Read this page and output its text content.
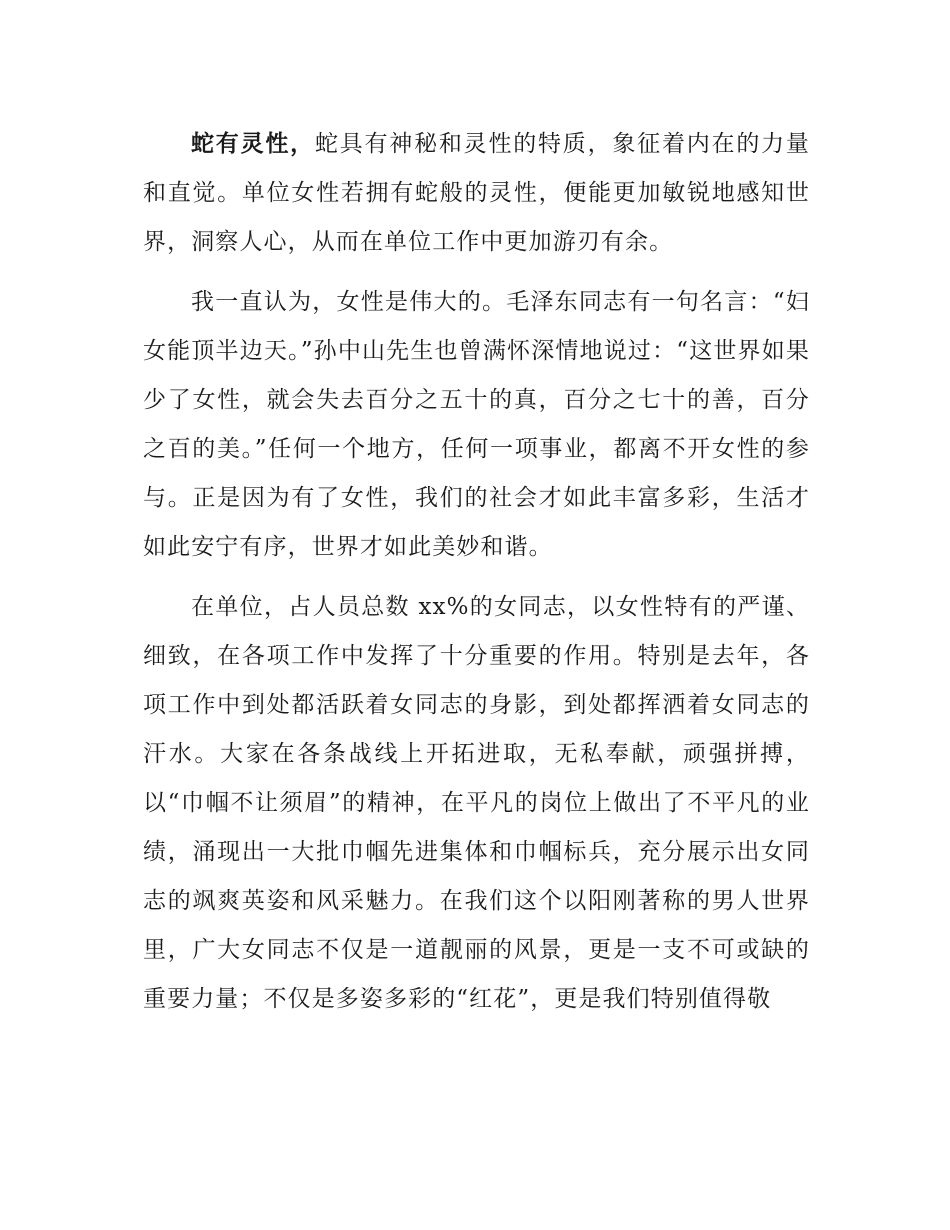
蛇有灵性，蛇具有神秘和灵性的特质，象征着内在的力量和直觉。单位女性若拥有蛇般的灵性，便能更加敏锐地感知世界，洞察人心，从而在单位工作中更加游刃有余。

我一直认为，女性是伟大的。毛泽东同志有一句名言：“妇女能顶半边天。”孙中山先生也曾满怀深情地说过：“这世界如果少了女性，就会失去百分之五十的真，百分之七十的善，百分之百的美。”任何一个地方，任何一项事业，都离不开女性的参与。正是因为有了女性，我们的社会才如此丰富多彩，生活才如此安宁有序，世界才如此美妙和谐。

在单位，占人员总数 xx%的女同志，以女性特有的严谨、细致，在各项工作中发挥了十分重要的作用。特别是去年，各项工作中到处都活跃着女同志的身影，到处都挥洒着女同志的汗水。大家在各条战线上开拓进取，无私奉献，顽强拼搏，以“巾帼不让须眉”的精神，在平凡的岗位上做出了不平凡的业绩，涌现出一大批巾帼先进集体和巾帼标兵，充分展示出女同志的飒爽英姿和风采魅力。在我们这个以阳刚著称的男人世界里，广大女同志不仅是一道靓丽的风景，更是一支不可或缺的重要力量；不仅是多姿多彩的“红花”，更是我们特别值得敬
